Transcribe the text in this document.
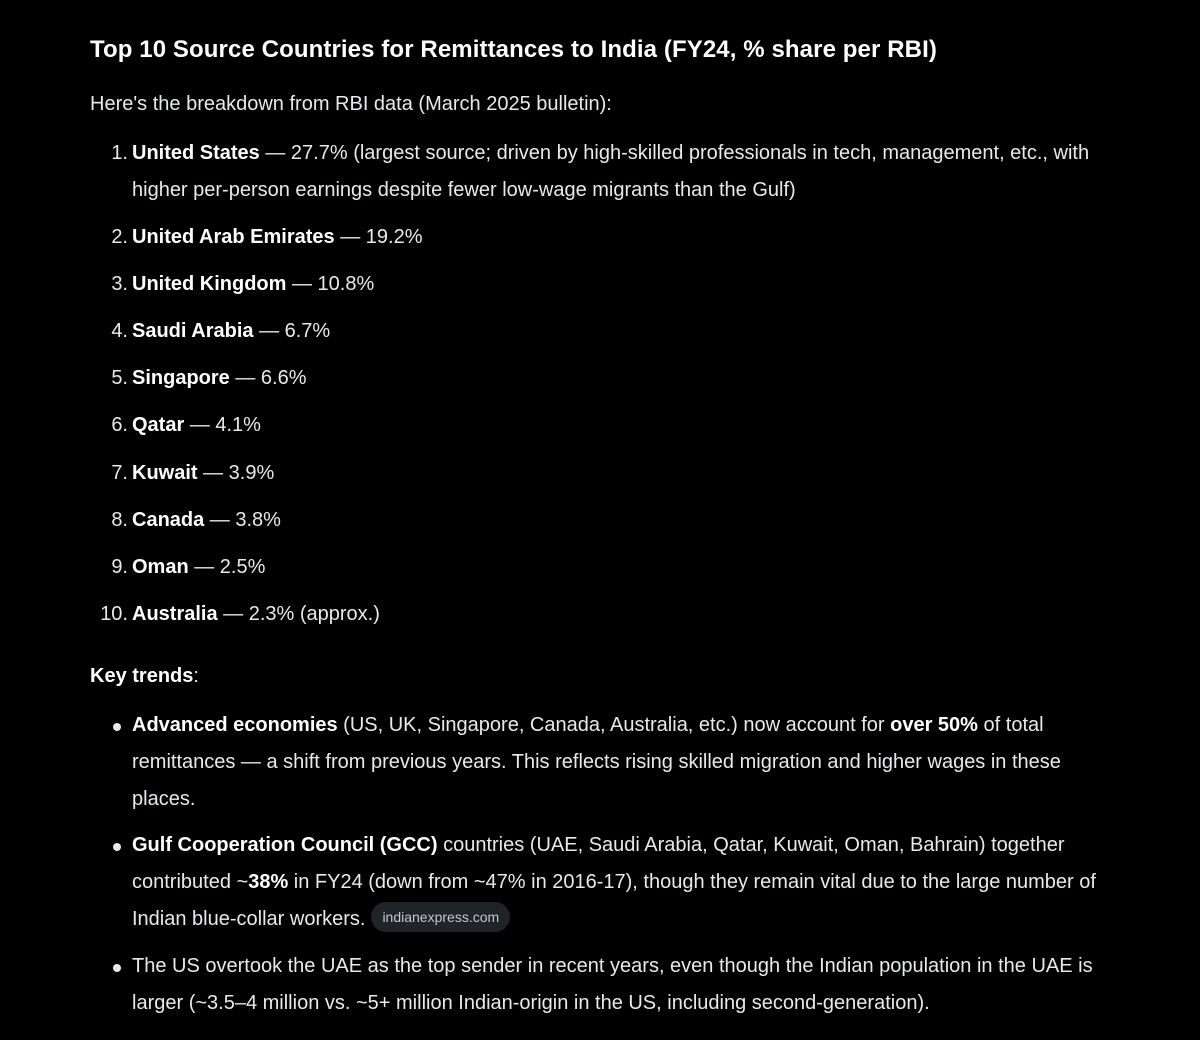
Top 10 Source Countries for Remittances to India (FY24, % share per RBI)

Here's the breakdown from RBI data (March 2025 bulletin):

1. United States — 27.7% (largest source; driven by high-skilled professionals in tech, management, etc., with higher per-person earnings despite fewer low-wage migrants than the Gulf)
2. United Arab Emirates — 19.2%
3. United Kingdom — 10.8%
4. Saudi Arabia — 6.7%
5. Singapore — 6.6%
6. Qatar — 4.1%
7. Kuwait — 3.9%
8. Canada — 3.8%
9. Oman — 2.5%
10. Australia — 2.3% (approx.)

Key trends:

Advanced economies (US, UK, Singapore, Canada, Australia, etc.) now account for over 50% of total remittances — a shift from previous years. This reflects rising skilled migration and higher wages in these places.
Gulf Cooperation Council (GCC) countries (UAE, Saudi Arabia, Qatar, Kuwait, Oman, Bahrain) together contributed ~38% in FY24 (down from ~47% in 2016-17), though they remain vital due to the large number of Indian blue-collar workers. indianexpress.com
The US overtook the UAE as the top sender in recent years, even though the Indian population in the UAE is larger (~3.5–4 million vs. ~5+ million Indian-origin in the US, including second-generation).
